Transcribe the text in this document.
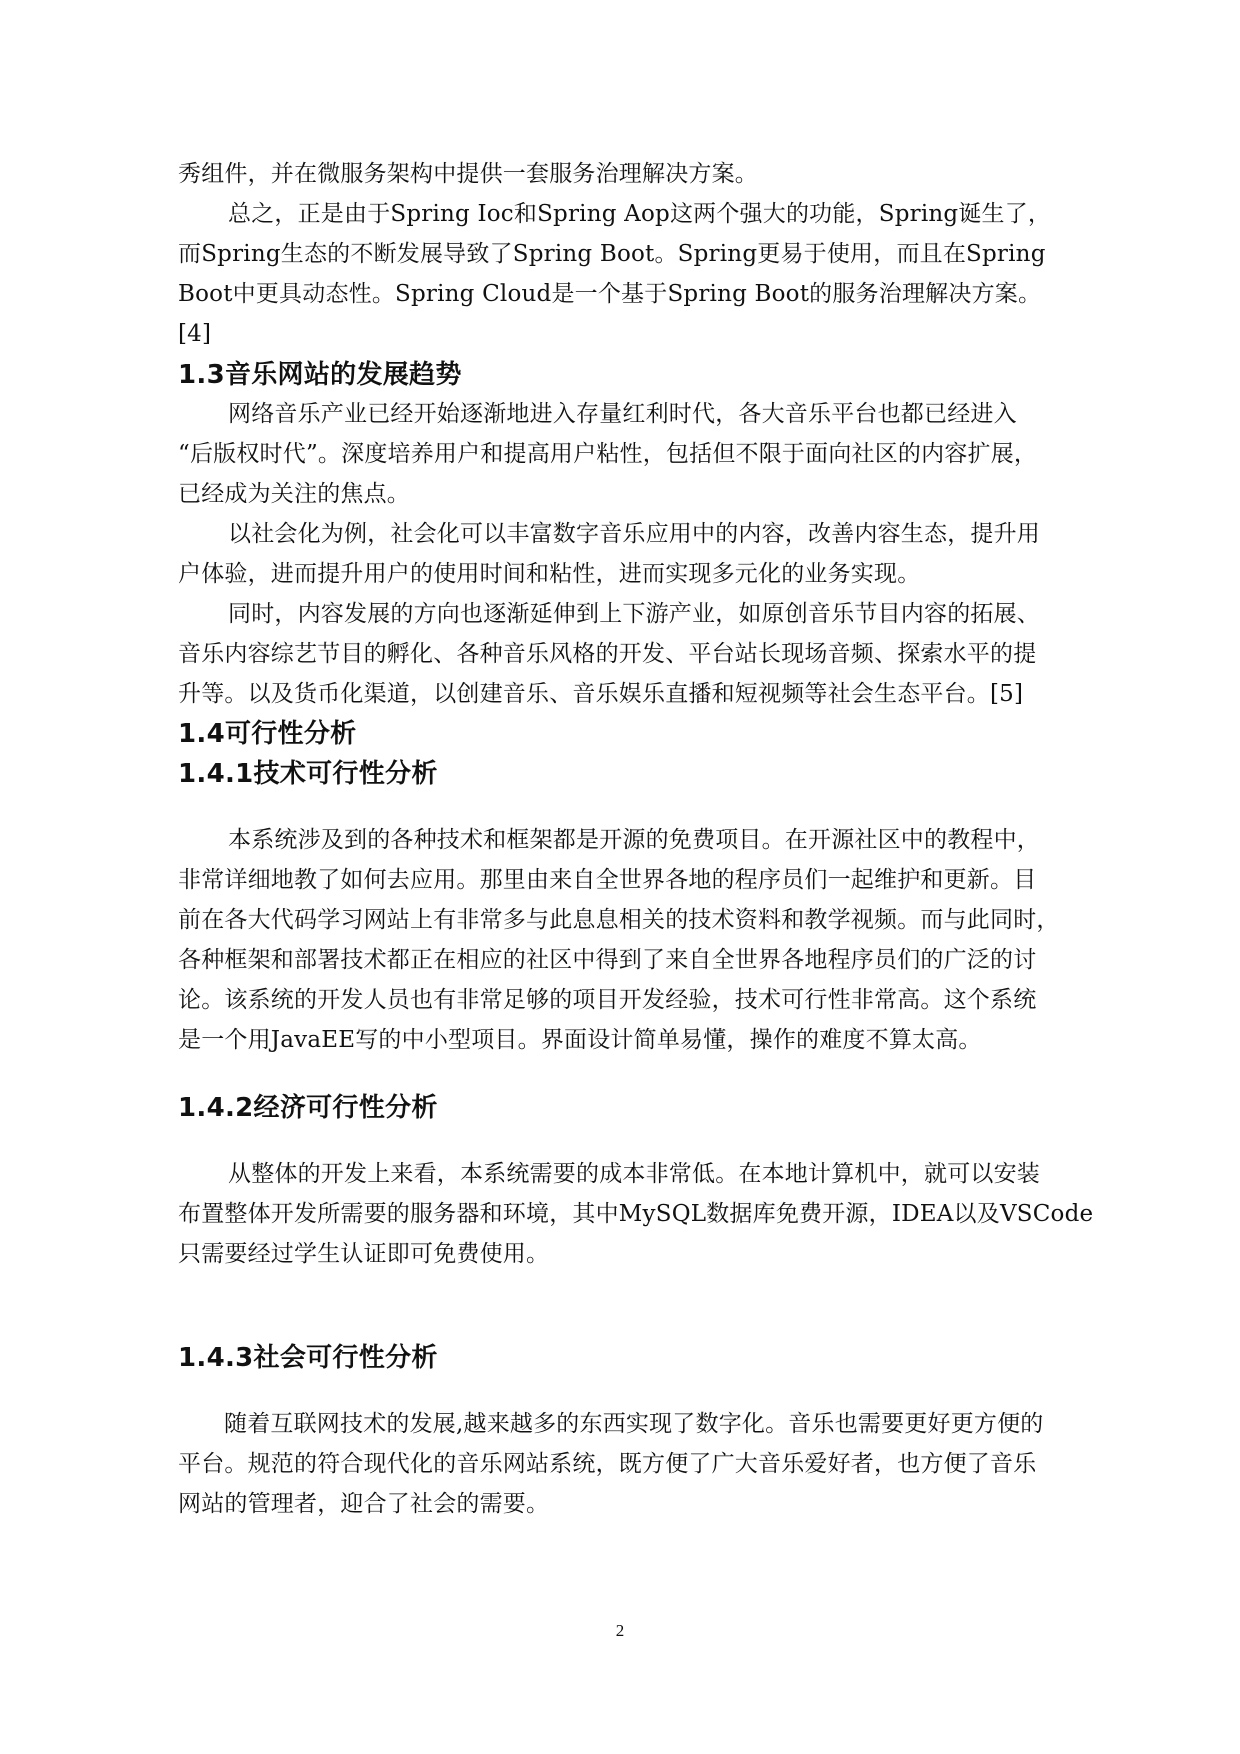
秀组件，并在微服务架构中提供一套服务治理解决方案。

总之，正是由于Spring Ioc和Spring Aop这两个强大的功能，Spring诞生了，

而Spring生态的不断发展导致了Spring Boot。Spring更易于使用，而且在Spring

Boot中更具动态性。Spring Cloud是一个基于Spring Boot的服务治理解决方案。

[4]

1.3音乐网站的发展趋势

网络音乐产业已经开始逐渐地进入存量红利时代，各大音乐平台也都已经进入

“后版权时代”。深度培养用户和提高用户粘性，包括但不限于面向社区的内容扩展，

已经成为关注的焦点。

以社会化为例，社会化可以丰富数字音乐应用中的内容，改善内容生态，提升用

户体验，进而提升用户的使用时间和粘性，进而实现多元化的业务实现。

同时，内容发展的方向也逐渐延伸到上下游产业，如原创音乐节目内容的拓展、

音乐内容综艺节目的孵化、各种音乐风格的开发、平台站长现场音频、探索水平的提

升等。以及货币化渠道，以创建音乐、音乐娱乐直播和短视频等社会生态平台。[5]

1.4可行性分析
1.4.1技术可行性分析

本系统涉及到的各种技术和框架都是开源的免费项目。在开源社区中的教程中，

非常详细地教了如何去应用。那里由来自全世界各地的程序员们一起维护和更新。目

前在各大代码学习网站上有非常多与此息息相关的技术资料和教学视频。而与此同时，

各种框架和部署技术都正在相应的社区中得到了来自全世界各地程序员们的广泛的讨

论。该系统的开发人员也有非常足够的项目开发经验，技术可行性非常高。这个系统

是一个用JavaEE写的中小型项目。界面设计简单易懂，操作的难度不算太高。

1.4.2经济可行性分析

从整体的开发上来看，本系统需要的成本非常低。在本地计算机中，就可以安装

布置整体开发所需要的服务器和环境，其中MySQL数据库免费开源，IDEA以及VSCode

只需要经过学生认证即可免费使用。

1.4.3社会可行性分析

随着互联网技术的发展,越来越多的东西实现了数字化。音乐也需要更好更方便的

平台。规范的符合现代化的音乐网站系统，既方便了广大音乐爱好者，也方便了音乐

网站的管理者，迎合了社会的需要。

2
